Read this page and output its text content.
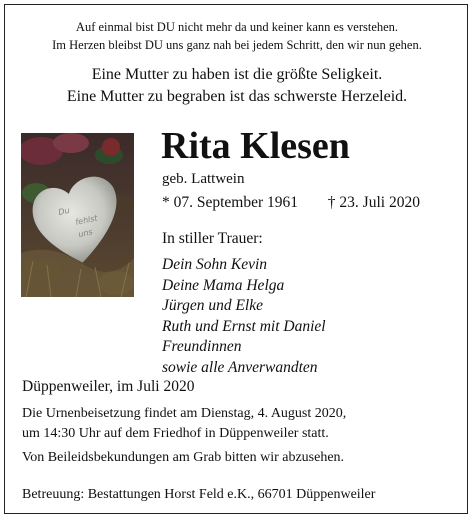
Auf einmal bist DU nicht mehr da und keiner kann es verstehen.
Im Herzen bleibst DU uns ganz nah bei jedem Schritt, den wir nun gehen.
Eine Mutter zu haben ist die größte Seligkeit.
Eine Mutter zu begraben ist das schwerste Herzeleid.
Du
fehlst
uns
Rita Klesen
geb. Lattwein
* 07. September 1961 † 23. Juli 2020
In stiller Trauer:
Dein Sohn Kevin
Deine Mama Helga
Jürgen und Elke
Ruth und Ernst mit Daniel
Freundinnen
sowie alle Anverwandten
Düppenweiler, im Juli 2020
Die Urnenbeisetzung findet am Dienstag, 4. August 2020,
um 14:30 Uhr auf dem Friedhof in Düppenweiler statt.
Von Beileidsbekundungen am Grab bitten wir abzusehen.
Betreuung: Bestattungen Horst Feld e.K., 66701 Düppenweiler
